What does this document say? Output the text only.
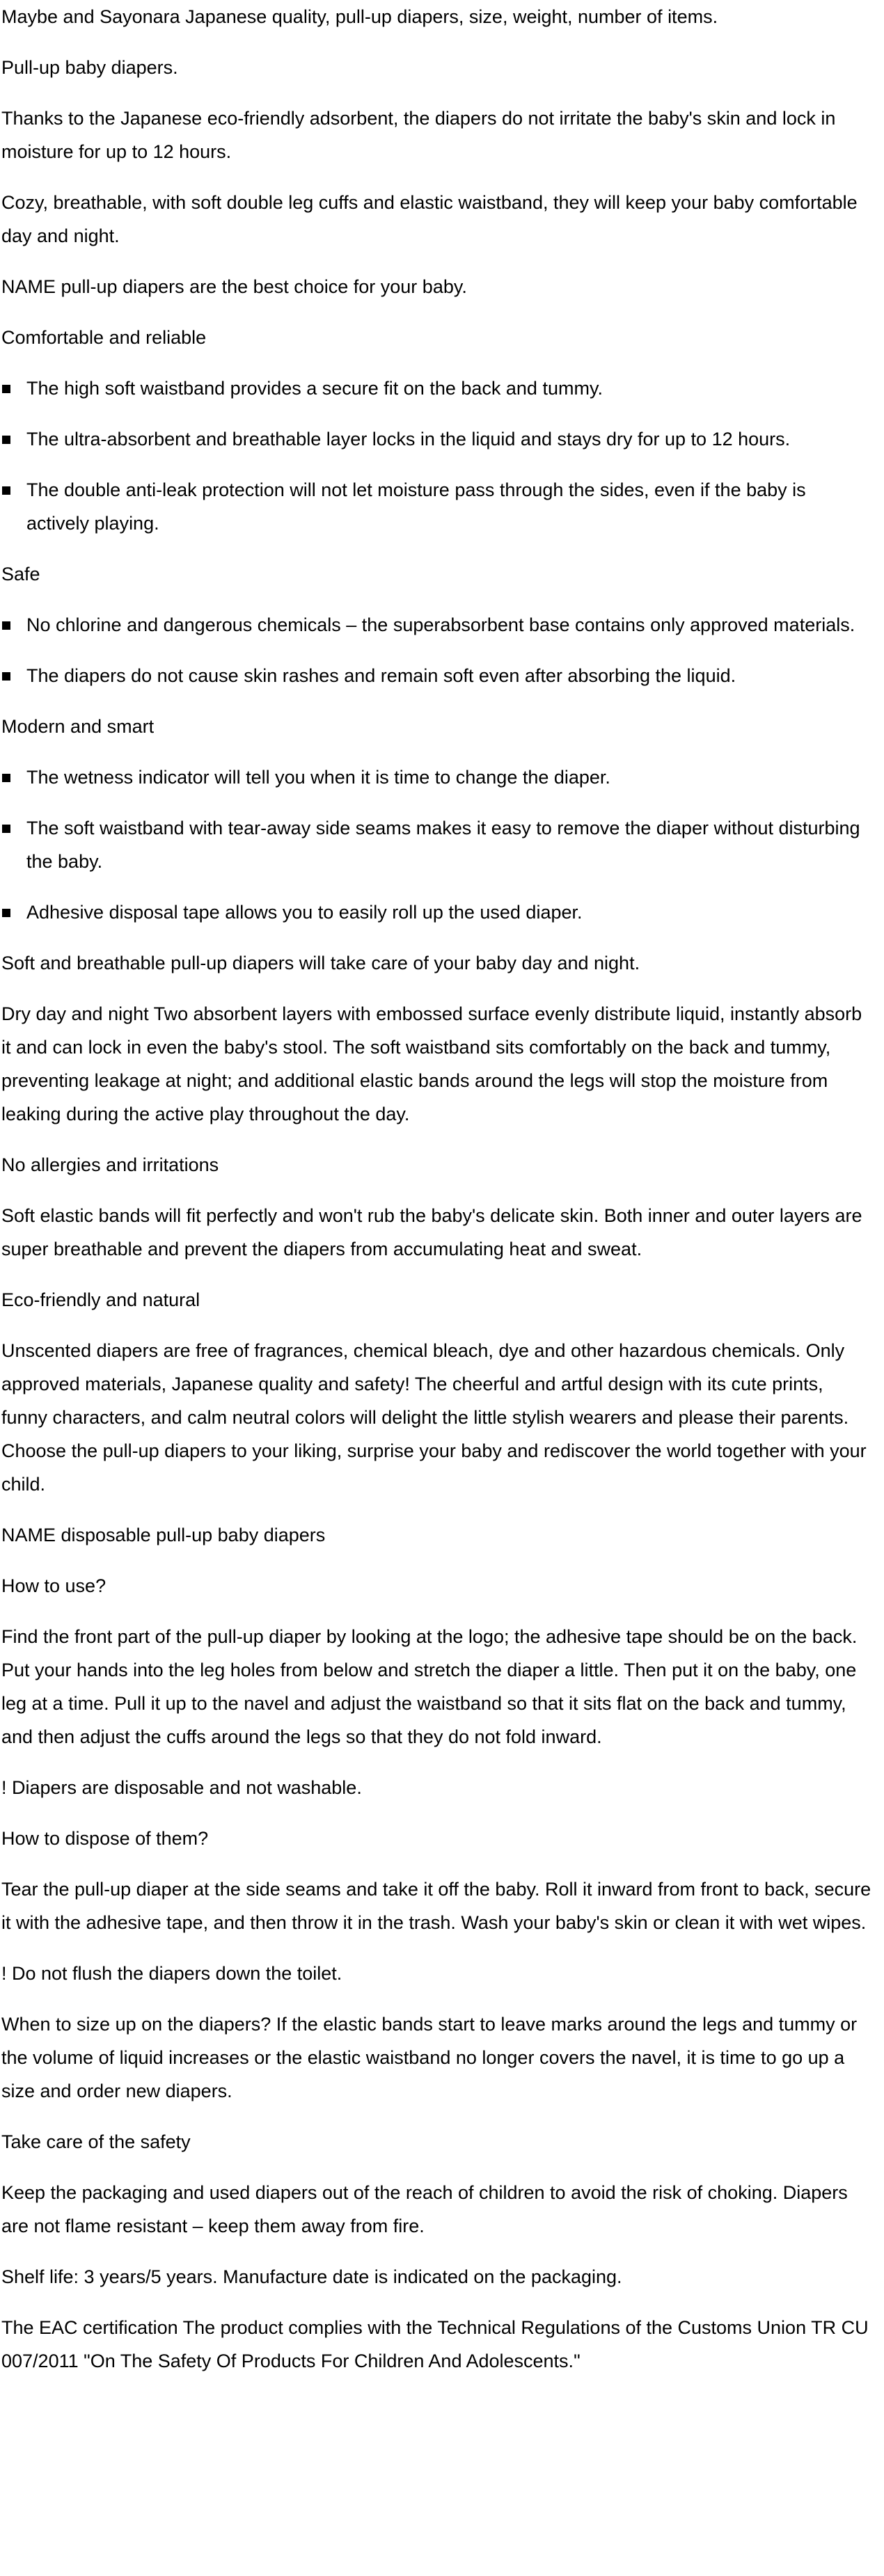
Maybe and Sayonara Japanese quality, pull-up diapers, size, weight, number of items.

Pull-up baby diapers.

Thanks to the Japanese eco-friendly adsorbent, the diapers do not irritate the baby's skin and lock in moisture for up to 12 hours.

Cozy, breathable, with soft double leg cuffs and elastic waistband, they will keep your baby comfortable day and night.

NAME pull-up diapers are the best choice for your baby.

Comfortable and reliable

The high soft waistband provides a secure fit on the back and tummy.
The ultra-absorbent and breathable layer locks in the liquid and stays dry for up to 12 hours.
The double anti-leak protection will not let moisture pass through the sides, even if the baby is actively playing.

Safe

No chlorine and dangerous chemicals – the superabsorbent base contains only approved materials.
The diapers do not cause skin rashes and remain soft even after absorbing the liquid.

Modern and smart

The wetness indicator will tell you when it is time to change the diaper.
The soft waistband with tear-away side seams makes it easy to remove the diaper without disturbing the baby.
Adhesive disposal tape allows you to easily roll up the used diaper.

Soft and breathable pull-up diapers will take care of your baby day and night.

Dry day and night Two absorbent layers with embossed surface evenly distribute liquid, instantly absorb it and can lock in even the baby's stool. The soft waistband sits comfortably on the back and tummy, preventing leakage at night; and additional elastic bands around the legs will stop the moisture from leaking during the active play throughout the day.

No allergies and irritations

Soft elastic bands will fit perfectly and won't rub the baby's delicate skin. Both inner and outer layers are super breathable and prevent the diapers from accumulating heat and sweat.

Eco-friendly and natural

Unscented diapers are free of fragrances, chemical bleach, dye and other hazardous chemicals. Only approved materials, Japanese quality and safety! The cheerful and artful design with its cute prints, funny characters, and calm neutral colors will delight the little stylish wearers and please their parents. Choose the pull-up diapers to your liking, surprise your baby and rediscover the world together with your child.

NAME disposable pull-up baby diapers

How to use?

Find the front part of the pull-up diaper by looking at the logo; the adhesive tape should be on the back. Put your hands into the leg holes from below and stretch the diaper a little. Then put it on the baby, one leg at a time. Pull it up to the navel and adjust the waistband so that it sits flat on the back and tummy, and then adjust the cuffs around the legs so that they do not fold inward.

! Diapers are disposable and not washable.

How to dispose of them?

Tear the pull-up diaper at the side seams and take it off the baby. Roll it inward from front to back, secure it with the adhesive tape, and then throw it in the trash. Wash your baby's skin or clean it with wet wipes.

! Do not flush the diapers down the toilet.

When to size up on the diapers? If the elastic bands start to leave marks around the legs and tummy or the volume of liquid increases or the elastic waistband no longer covers the navel, it is time to go up a size and order new diapers.

Take care of the safety

Keep the packaging and used diapers out of the reach of children to avoid the risk of choking. Diapers are not flame resistant – keep them away from fire.

Shelf life: 3 years/5 years. Manufacture date is indicated on the packaging.

The EAC certification The product complies with the Technical Regulations of the Customs Union TR CU 007/2011 "On The Safety Of Products For Children And Adolescents."
